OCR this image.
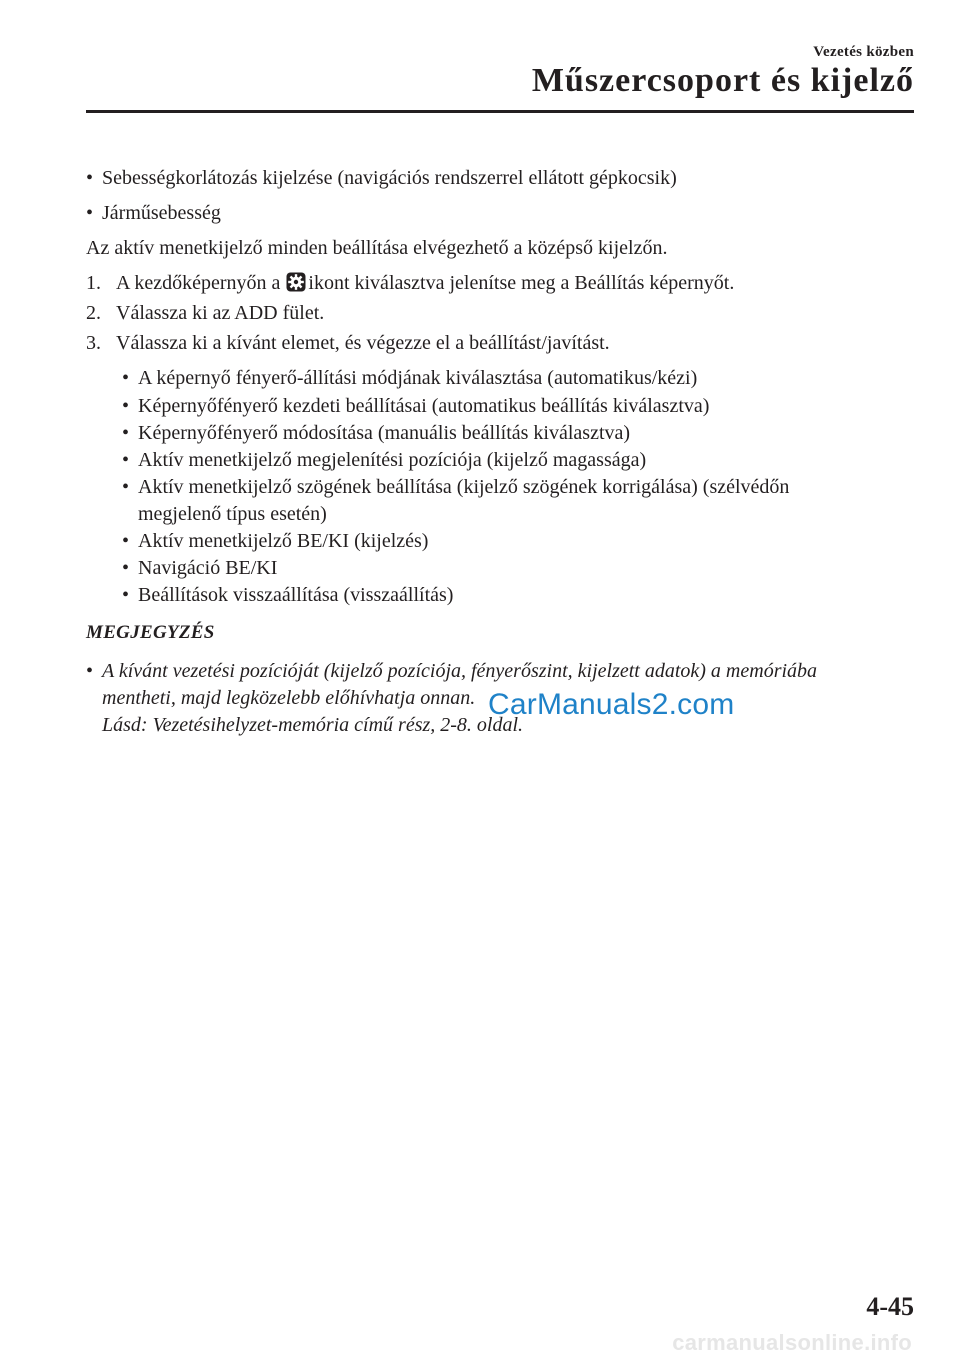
Vezetés közben
Műszercsoport és kijelző
• Sebességkorlátozás kijelzése (navigációs rendszerrel ellátott gépkocsik)
• Járműsebesség
Az aktív menetkijelző minden beállítása elvégezhető a középső kijelzőn.
1. A kezdőképernyőn a ikont kiválasztva jelenítse meg a Beállítás képernyőt.
2. Válassza ki az ADD fület.
3. Válassza ki a kívánt elemet, és végezze el a beállítást/javítást.
• A képernyő fényerő-állítási módjának kiválasztása (automatikus/kézi)
• Képernyőfényerő kezdeti beállításai (automatikus beállítás kiválasztva)
• Képernyőfényerő módosítása (manuális beállítás kiválasztva)
• Aktív menetkijelző megjelenítési pozíciója (kijelző magassága)
• Aktív menetkijelző szögének beállítása (kijelző szögének korrigálása) (szélvédőn
megjelenő típus esetén)
• Aktív menetkijelző BE/KI (kijelzés)
• Navigáció BE/KI
• Beállítások visszaállítása (visszaállítás)
MEGJEGYZÉS
• A kívánt vezetési pozícióját (kijelző pozíciója, fényerőszint, kijelzett adatok) a memóriába
mentheti, majd legközelebb előhívhatja onnan.
Lásd: Vezetésihelyzet-memória című rész, 2-8. oldal.
CarManuals2.com
4-45
carmanualsonline.info
